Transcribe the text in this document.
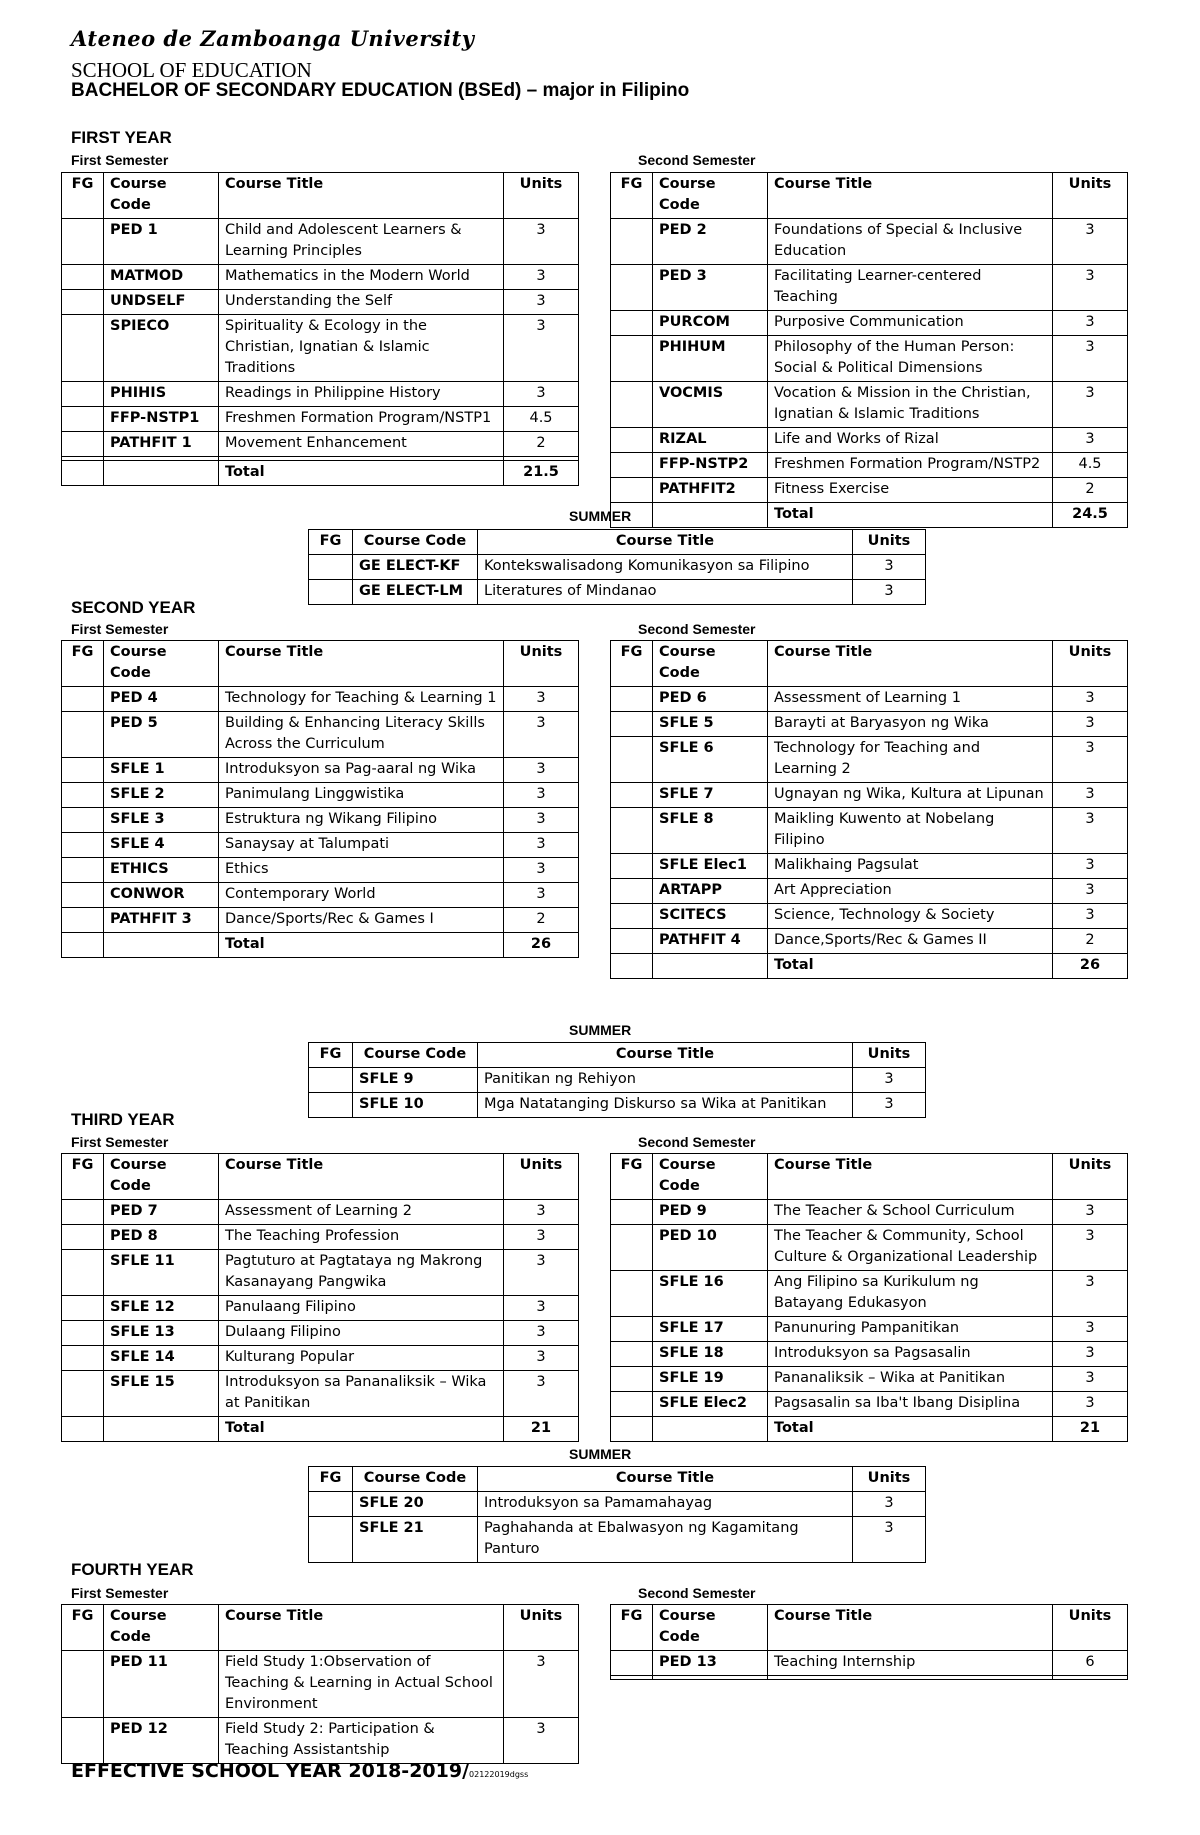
Ateneo de Zamboanga University
SCHOOL OF EDUCATION
BACHELOR OF SECONDARY EDUCATION (BSEd) – major in Filipino
FIRST YEAR
First Semester	Second Semester
FG	Course Code	Course Title	Units
	PED 1	Child and Adolescent Learners & Learning Principles	3
	MATMOD	Mathematics in the Modern World	3
	UNDSELF	Understanding the Self	3
	SPIECO	Spirituality & Ecology in the Christian, Ignatian & Islamic Traditions	3
	PHIHIS	Readings in Philippine History	3
	FFP-NSTP1	Freshmen Formation Program/NSTP1	4.5
	PATHFIT 1	Movement Enhancement	2

		Total	21.5
FG	Course Code	Course Title	Units
	PED 2	Foundations of Special & Inclusive Education	3
	PED 3	Facilitating Learner-centered Teaching	3
	PURCOM	Purposive Communication	3
	PHIHUM	Philosophy of the Human Person: Social & Political Dimensions	3
	VOCMIS	Vocation & Mission in the Christian, Ignatian & Islamic Traditions	3
	RIZAL	Life and Works of Rizal	3
	FFP-NSTP2	Freshmen Formation Program/NSTP2	4.5
	PATHFIT2	Fitness Exercise	2
		Total	24.5
SUMMER
FG	Course Code	Course Title	Units
	GE ELECT-KF	Kontekswalisadong Komunikasyon sa Filipino	3
	GE ELECT-LM	Literatures of Mindanao	3
SECOND YEAR
First Semester	Second Semester
FG	Course Code	Course Title	Units
	PED 4	Technology for Teaching & Learning 1	3
	PED 5	Building & Enhancing Literacy Skills Across the Curriculum	3
	SFLE 1	Introduksyon sa Pag-aaral ng Wika	3
	SFLE 2	Panimulang Linggwistika	3
	SFLE 3	Estruktura ng Wikang Filipino	3
	SFLE 4	Sanaysay at Talumpati	3
	ETHICS	Ethics	3
	CONWOR	Contemporary World	3
	PATHFIT 3	Dance/Sports/Rec & Games I	2
		Total	26
FG	Course Code	Course Title	Units
	PED 6	Assessment of Learning 1	3
	SFLE 5	Barayti at Baryasyon ng Wika	3
	SFLE 6	Technology for Teaching and Learning 2	3
	SFLE 7	Ugnayan ng Wika, Kultura at Lipunan	3
	SFLE 8	Maikling Kuwento at Nobelang Filipino	3
	SFLE Elec1	Malikhaing Pagsulat	3
	ARTAPP	Art Appreciation	3
	SCITECS	Science, Technology & Society	3
	PATHFIT 4	Dance,Sports/Rec & Games II	2
		Total	26
SUMMER
FG	Course Code	Course Title	Units
	SFLE 9	Panitikan ng Rehiyon	3
	SFLE 10	Mga Natatanging Diskurso sa Wika at Panitikan	3
THIRD YEAR
First Semester	Second Semester
FG	Course Code	Course Title	Units
	PED 7	Assessment of Learning 2	3
	PED 8	The Teaching Profession	3
	SFLE 11	Pagtuturo at Pagtataya ng Makrong Kasanayang Pangwika	3
	SFLE 12	Panulaang Filipino	3
	SFLE 13	Dulaang Filipino	3
	SFLE 14	Kulturang Popular	3
	SFLE 15	Introduksyon sa Pananaliksik – Wika at Panitikan	3
		Total	21
FG	Course Code	Course Title	Units
	PED 9	The Teacher & School Curriculum	3
	PED 10	The Teacher & Community, School Culture & Organizational Leadership	3
	SFLE 16	Ang Filipino sa Kurikulum ng Batayang Edukasyon	3
	SFLE 17	Panunuring Pampanitikan	3
	SFLE 18	Introduksyon sa Pagsasalin	3
	SFLE 19	Pananaliksik – Wika at Panitikan	3
	SFLE Elec2	Pagsasalin sa Iba't Ibang Disiplina	3
		Total	21
SUMMER
FG	Course Code	Course Title	Units
	SFLE 20	Introduksyon sa Pamamahayag	3
	SFLE 21	Paghahanda at Ebalwasyon ng Kagamitang Panturo	3
FOURTH YEAR
First Semester	Second Semester
FG	Course Code	Course Title	Units
	PED 11	Field Study 1:Observation of Teaching & Learning in Actual School Environment	3
	PED 12	Field Study 2: Participation & Teaching Assistantship	3
FG	Course Code	Course Title	Units
	PED 13	Teaching Internship	6

EFFECTIVE SCHOOL YEAR 2018-2019/02122019dgss
